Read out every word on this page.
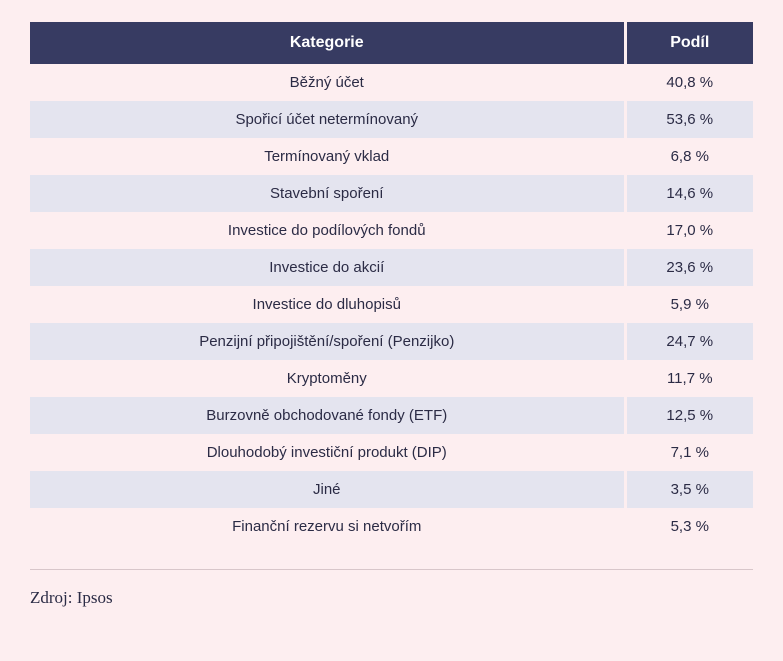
Kategorie	Podíl
Běžný účet	40,8 %
Spořicí účet netermínovaný	53,6 %
Termínovaný vklad	6,8 %
Stavební spoření	14,6 %
Investice do podílových fondů	17,0 %
Investice do akcií	23,6 %
Investice do dluhopisů	5,9 %
Penzijní připojištění/spoření (Penzijko)	24,7 %
Kryptoměny	11,7 %
Burzovně obchodované fondy (ETF)	12,5 %
Dlouhodobý investiční produkt (DIP)	7,1 %
Jiné	3,5 %
Finanční rezervu si netvořím	5,3 %
Zdroj: Ipsos
